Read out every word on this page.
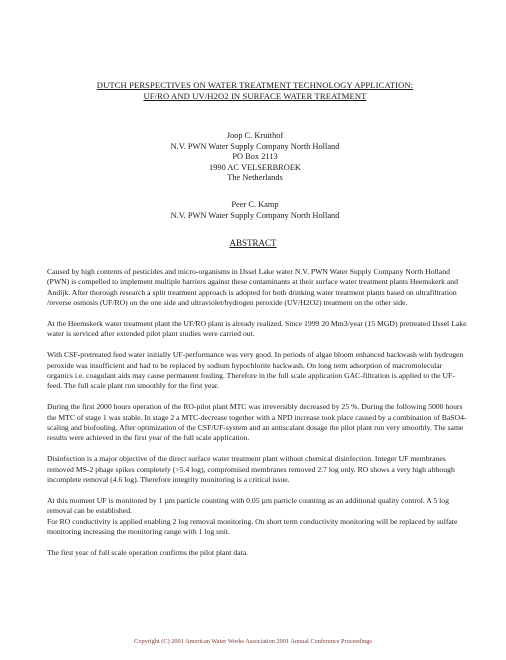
DUTCH PERSPECTIVES ON WATER TREATMENT TECHNOLOGY APPLICATION:
UF/RO AND UV/H2O2 IN SURFACE WATER TREATMENT
Joop C. Kruithof
N.V. PWN Water Supply Company North Holland
PO Box 2113
1990 AC VELSERBROEK
The Netherlands
Peer C. Kamp
N.V. PWN Water Supply Company North Holland
ABSTRACT

Caused by high contents of pesticides and micro-organisms in IJssel Lake water N.V. PWN Water Supply Company North Holland (PWN) is compelled to implement multiple barriers against these contaminants at their surface water treatment plants Heemskerk and Andijk. After thorough research a split treatment approach is adopted for both drinking water treatment plants based on ultrafiltration /reverse osmosis (UF/RO) on the one side and ultraviolet/hydrogen peroxide (UV/H2O2) treatment on the other side.

At the Heemskerk water treatment plant the UF/RO plant is already realized. Since 1999 20 Mm3/year (15 MGD) pretreated IJssel Lake water is serviced after extended pilot plant studies were carried out.

With CSF-pretreated feed water initially UF-performance was very good. In periods of algae bloom enhanced backwash with hydrogen peroxide was insufficient and had to be replaced by sodium hypochlorite backwash. On long term adsorption of macromolecular organics i.e. coagulant aids may cause permanent fouling. Therefore in the full scale application GAC-filtration is applied to the UF-feed. The full scale plant run smoothly for the first year.

During the first 2000 hours operation of the RO-pilot plant MTC was irreversibly decreased by 25 %. During the following 5000 hours the MTC of stage 1 was stable. In stage 2 a MTC-decrease together with a NPD increase took place caused by a combination of BaSO4-scaling and biofouling. After optimization of the CSF/UF-system and an antiscalant dosage the pilot plant run very smoothly. The same results were achieved in the first year of the full scale application.

Disinfection is a major objective of the direct surface water treatment plant without chemical disinfection. Integer UF membranes removed MS-2 phage spikes completely (>5.4 log), compromised membranes removed 2.7 log only. RO shows a very high although incomplete removal (4.6 log). Therefore integrity monitoring is a critical issue.

At this moment UF is monitored by 1 µm particle counting with 0.05 µm particle counting as an additional quality control. A 5 log removal can be established.
For RO conductivity is applied enabling 2 log removal monitoring. On short term conductivity monitoring will be replaced by sulfate monitoring increasing the monitoring range with 1 log unit.

The first year of full scale operation confirms the pilot plant data.

Copyright (C) 2001 American Water Works Association 2001 Annual Conference Proceedings
